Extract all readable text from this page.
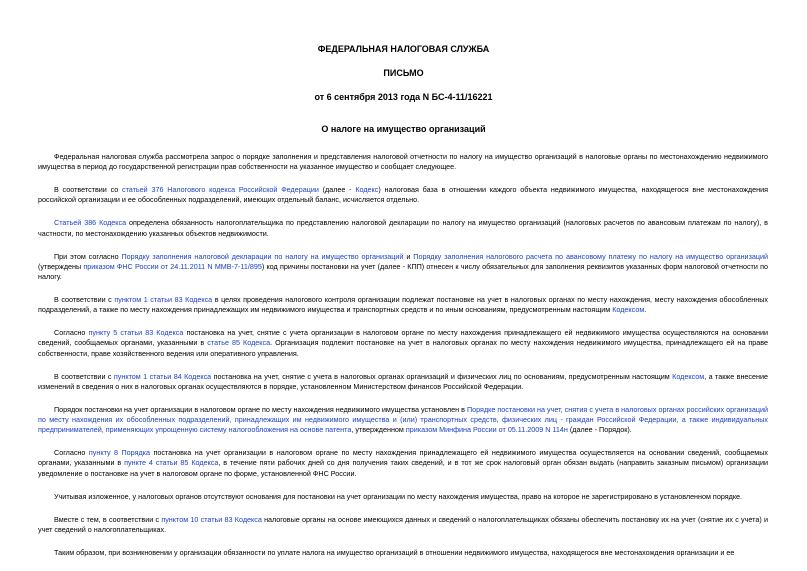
ФЕДЕРАЛЬНАЯ НАЛОГОВАЯ СЛУЖБА
ПИСЬМО
от 6 сентября 2013 года N БС-4-11/16221
О налоге на имущество организаций

Федеральная налоговая служба рассмотрела запрос о порядке заполнения и представления налоговой отчетности по налогу на имущество организаций в налоговые органы по местонахождению недвижимого имущества в период до государственной регистрации прав собственности на указанное имущество и сообщает следующее.

В соответствии со статьей 376 Налогового кодекса Российской Федерации (далее - Кодекс) налоговая база в отношении каждого объекта недвижимого имущества, находящегося вне местонахождения российской организации и ее обособленных подразделений, имеющих отдельный баланс, исчисляется отдельно.

Статьей 386 Кодекса определена обязанность налогоплательщика по представлению налоговой декларации по налогу на имущество организаций (налоговых расчетов по авансовым платежам по налогу), в частности, по местонахождению указанных объектов недвижимости.

При этом согласно Порядку заполнения налоговой декларации по налогу на имущество организаций и Порядку заполнения налогового расчета по авансовому платежу по налогу на имущество организаций (утверждены приказом ФНС России от 24.11.2011 N ММВ-7-11/895) код причины постановки на учет (далее - КПП) отнесен к числу обязательных для заполнения реквизитов указанных форм налоговой отчетности по налогу.

В соответствии с пунктом 1 статьи 83 Кодекса в целях проведения налогового контроля организации подлежат постановке на учет в налоговых органах по месту нахождения, месту нахождения обособленных подразделений, а также по месту нахождения принадлежащих им недвижимого имущества и транспортных средств и по иным основаниям, предусмотренным настоящим Кодексом.

Согласно пункту 5 статьи 83 Кодекса постановка на учет, снятие с учета организации в налоговом органе по месту нахождения принадлежащего ей недвижимого имущества осуществляются на основании сведений, сообщаемых органами, указанными в статье 85 Кодекса. Организация подлежит постановке на учет в налоговых органах по месту нахождения недвижимого имущества, принадлежащего ей на праве собственности, праве хозяйственного ведения или оперативного управления.

В соответствии с пунктом 1 статьи 84 Кодекса постановка на учет, снятие с учета в налоговых органах организаций и физических лиц по основаниям, предусмотренным настоящим Кодексом, а также внесение изменений в сведения о них в налоговых органах осуществляются в порядке, установленном Министерством финансов Российской Федерации.

Порядок постановки на учет организации в налоговом органе по месту нахождения недвижимого имущества установлен в Порядке постановки на учет, снятия с учета в налоговых органах российских организаций по месту нахождения их обособленных подразделений, принадлежащих им недвижимого имущества и (или) транспортных средств, физических лиц - граждан Российской Федерации, а также индивидуальных предпринимателей, применяющих упрощенную систему налогообложения на основе патента, утвержденном приказом Минфина России от 05.11.2009 N 114н (далее - Порядок).

Согласно пункту 8 Порядка постановка на учет организации в налоговом органе по месту нахождения принадлежащего ей недвижимого имущества осуществляется на основании сведений, сообщаемых органами, указанными в пункте 4 статьи 85 Кодекса, в течение пяти рабочих дней со дня получения таких сведений, и в тот же срок налоговый орган обязан выдать (направить заказным письмом) организации уведомление о постановке на учет в налоговом органе по форме, установленной ФНС России.

Учитывая изложенное, у налоговых органов отсутствуют основания для постановки на учет организации по месту нахождения имущества, право на которое не зарегистрировано в установленном порядке.

Вместе с тем, в соответствии с пунктом 10 статьи 83 Кодекса налоговые органы на основе имеющихся данных и сведений о налогоплательщиках обязаны обеспечить постановку их на учет (снятие их с учета) и учет сведений о налогоплательщиках.

Таким образом, при возникновении у организации обязанности по уплате налога на имущество организаций в отношении недвижимого имущества, находящегося вне местонахождения организации и ее
